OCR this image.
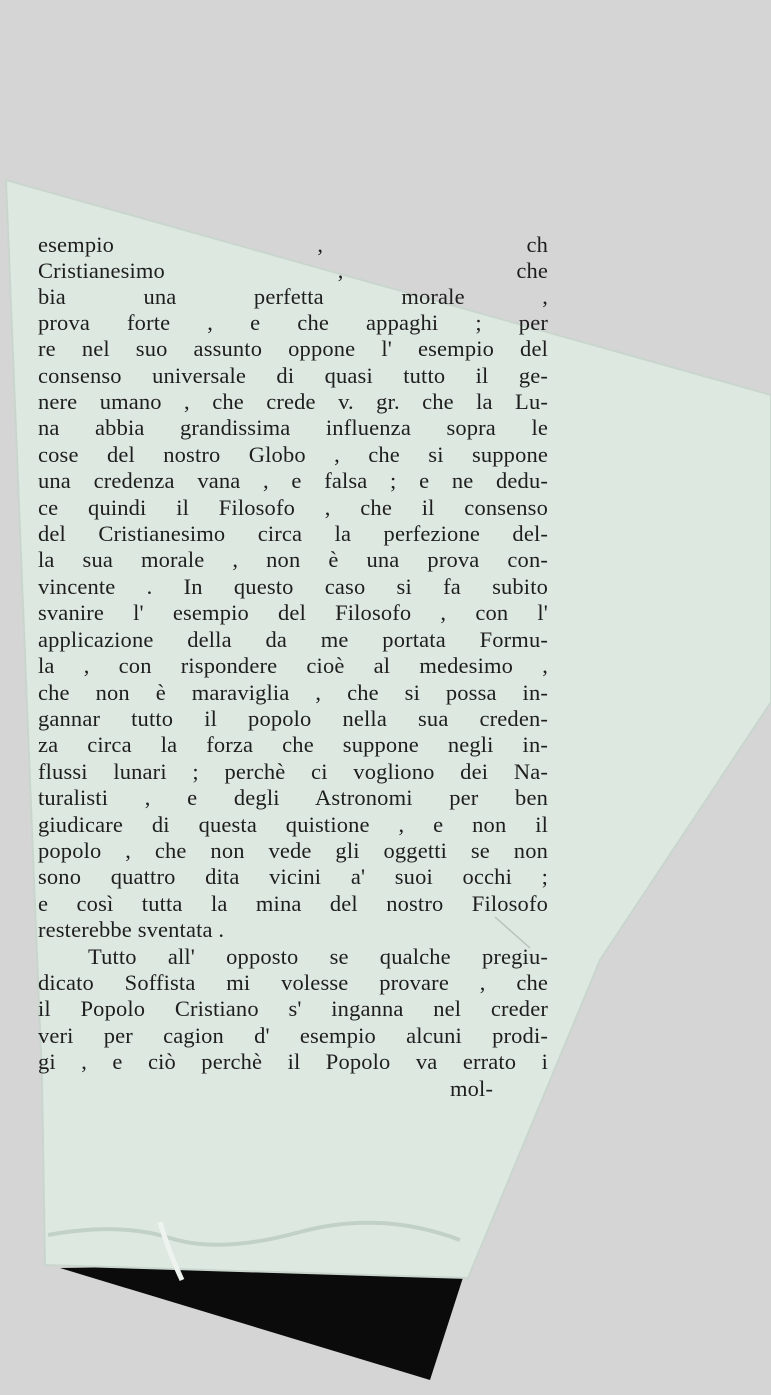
esempio , ch
Cristianesimo , che
bia una perfetta morale ,
prova forte , e che appaghi ; per
re nel suo assunto oppone l' esempio del
consenso universale di quasi tutto il ge-
nere umano , che crede v. gr. che la Lu-
na abbia grandissima influenza sopra le
cose del nostro Globo , che si suppone
una credenza vana , e falsa ; e ne dedu-
ce quindi il Filosofo , che il consenso
del Cristianesimo circa la perfezione del-
la sua morale , non è una prova con-
vincente . In questo caso si fa subito
svanire l' esempio del Filosofo , con l'
applicazione della da me portata Formu-
la , con rispondere cioè al medesimo ,
che non è maraviglia , che si possa in-
gannar tutto il popolo nella sua creden-
za circa la forza che suppone negli in-
flussi lunari ; perchè ci vogliono dei Na-
turalisti , e degli Astronomi per ben
giudicare di questa quistione , e non il
popolo , che non vede gli oggetti se non
sono quattro dita vicini a' suoi occhi ;
e così tutta la mina del nostro Filosofo
resterebbe sventata .
Tutto all' opposto se qualche pregiu-
dicato Soffista mi volesse provare , che
il Popolo Cristiano s' inganna nel creder
veri per cagion d' esempio alcuni prodi-
gi , e ciò perchè il Popolo va errato i
mol-
